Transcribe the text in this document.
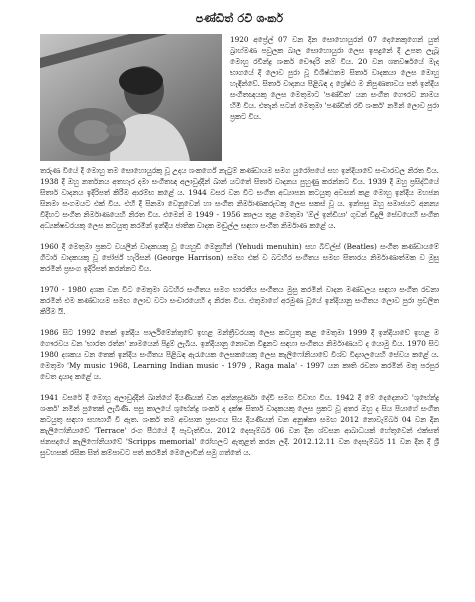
පණ්ඩිත් රවි ශංකර්

1920 අප්‍රේල් 07 වන දින සොහොයුරන් 07 දෙනෙකුගෙන් යුත් බ්‍රාහ්මණ පවුලක බාල සොහොයුරා ලෙස ඉපදුනේ දී උපත ලැබූ මොහු රවීන්ද්‍ර ශංකර් චෞදරි නම් විය. 20 වන ශතවර්ෂයේ මැද භාගයේ දී ලොව පුරා වූ විශිෂ්ඨතම සිතාර් වාදකයා ලෙස මොහු හැඳින්වේ. සිතාර් වාදනය පිළිබඳ ද ශ්‍රේෂ්ඨ ම නිපුණතාවය පත් ඉන්දීය සංගීතඥයකු ලෙස මෙතුමාට 'පණ්ඩිත' යන සංගීත ගෞරව නාමය හිමි විය. එතැන් පටන් මෙතුමා 'පණ්ඩිත් රවි ශංකර්' නමින් ලොව පුරා ප්‍රකට විය.

තරුණ වියේ දී මොහු තම සොහොයුරකු වූ උදය ශංකර්ගේ නැටුම් කණ්ඩායම සමග යුරෝපයේ සහ ඉන්දියාවේ සංචාරවල නිරත විය. 1938 දී ඔහු නර්තනය අතහැර දමා සංගීතඥ අලාවුද්දින් ඛාන් යටතේ සිතාර් වාදනය පුහුණු කරන්නට විය. 1939 දී ඔහු ප්‍රසිද්ධියේ සිතාර් වාදනය ඉදිරිපත් කිරීම ආරම්භ කළේ ය. 1944 වසර වන විට සංගීත අධ්‍යාපන කටයුතු අවසන් කළ මොහු ඉන්දීය මහජන සිනමා සංගමයට එක් විය. එහි දී සිනමා වෙනුවෙන් හා සංගීත නිර්මාණකරුවකු ලෙස සකස් වූ ය. ඉන්පසු ඔහු සමාජයට අනන්‍ය විදිහට සංගීත නිර්මාණයෙහි නිරත විය. එමෙන් ම 1949 - 1956 කාලය තුළ මෙතුමා 'ඕල් ඉන්ඩියා' ගුවන් විදුලි සේවයෙහි සංගීත අධ්‍යක්ෂවරයකු ලෙස කටයුතු කරමින් ඉන්දීය ජාතික වාදක මඬුල්ල සඳහා සංගීත නිර්මාණ කළේ ය.

1960 දී මෙතුමා ප්‍රකට වයලීන් වාදකයකු වූ යෙහුඩි මෙනුහින් (Yehudi menuhin) සහ බීට්ල්ස් (Beatles) සංගීත කණ්ඩායමේ ගිටාර් වාදකයකු වූ ජෝර්ජ් හැරිසන් (George Harrison) සමඟ එක් ව බටහිර සංගීතය සමඟ සිතාරය නිර්මාණාත්මක ව මුසු කරමින් ප්‍රසංග ඉදිරිපත් කරන්නට විය.

1970 - 1980 දශක වන විට මෙතුමා බටහිර සංගීතය සමග භාරතීය සංගීතය මුසු කරමින් වාදන මණ්ඩලය සඳහා සංගීත රචනා කරමින් එම කණ්ඩායම සමඟ ලොව වටා සංචාරයෙහි ද නිරත විය. එතුමාගේ අරමුණ වූයේ ඉන්දියානු සංගීතය ලොව පුරා ප්‍රචලිත කිරීම යි.

1986 සිට 1992 තෙක් ඉන්දීය පාර්ලිමේන්තුවේ ඉහළ මන්ත්‍රීවරයකු ලෙස කටයුතු කළ මෙතුමා 1999 දී ඉන්දියාවේ ඉහළ ම ගෞරවය වන 'භාරත රත්න' නාමයෙන් පිදුම් ලැබීය. ඉන්දියානු නොවන විඳුනට සඳහා සංගීතය නිර්මාණයට ද යොමු විය. 1970 සිට 1980 දශකය වන තෙක් ඉන්දීය සංගීතය පිළිබඳ ඇරැයෙක ලෙසකයෙකු ලෙස කැලිෆෝනියාවේ විශ්ව විද්‍යාලයෙහි සේවය කළේ ය. මෙතුමා 'My music 1968, Learning Indian music - 1979 , Raga mala' - 1997 යන කෘති රචනා කරමින් මතු පරපුර වෙත දායාද කළේ ය.

1941 වසරේ දී මොහු අලාවුද්දින් ඛාන්ගේ දියණියන් වන අන්නපූර්ණා දේවි සමග විවාහ විය. 1942 දී මේ දෙදෙනාට 'ශුභේන්ද්‍ර ශංකර්' නමින් පුතෙක් ලැබිණි. පසු කාලයේ ශුභේන්ද්‍ර ශංකර් ද දක්ෂ සිතාර් වාදකයකු ලෙස ප්‍රකට වූ අතර ඔහු ද සිය පියාගේ සංගීත කටයුතු සඳහා සහභාගී වී ඇත. ශංකර් තම අවසාන ප්‍රසංගය සිය දියණියන් වන අනුෂ්කා සමඟ 2012 නොවැම්බර් 04 වන දින කැලිෆෝනියාවේ 'Terrace' රංග පීඨයේ දී පැවැත්විය. 2012 දෙසැම්බර් 06 වන දින ශ්වසන ආබාධයක් හේතුවෙන් එක්සත් ජනපදයේ කැලිෆෝනියාවේ 'Scripps memorial' රෝහලට ඇතුළත් කරන ලදී. 2012.12.11 වන දෙසැම්බර් 11 වන දින දී ශ්‍රී සුවහසක් රසික සිත් කම්පාවට පත් කරමින් මෙලොවින් සමු ගත්තේ ය.
